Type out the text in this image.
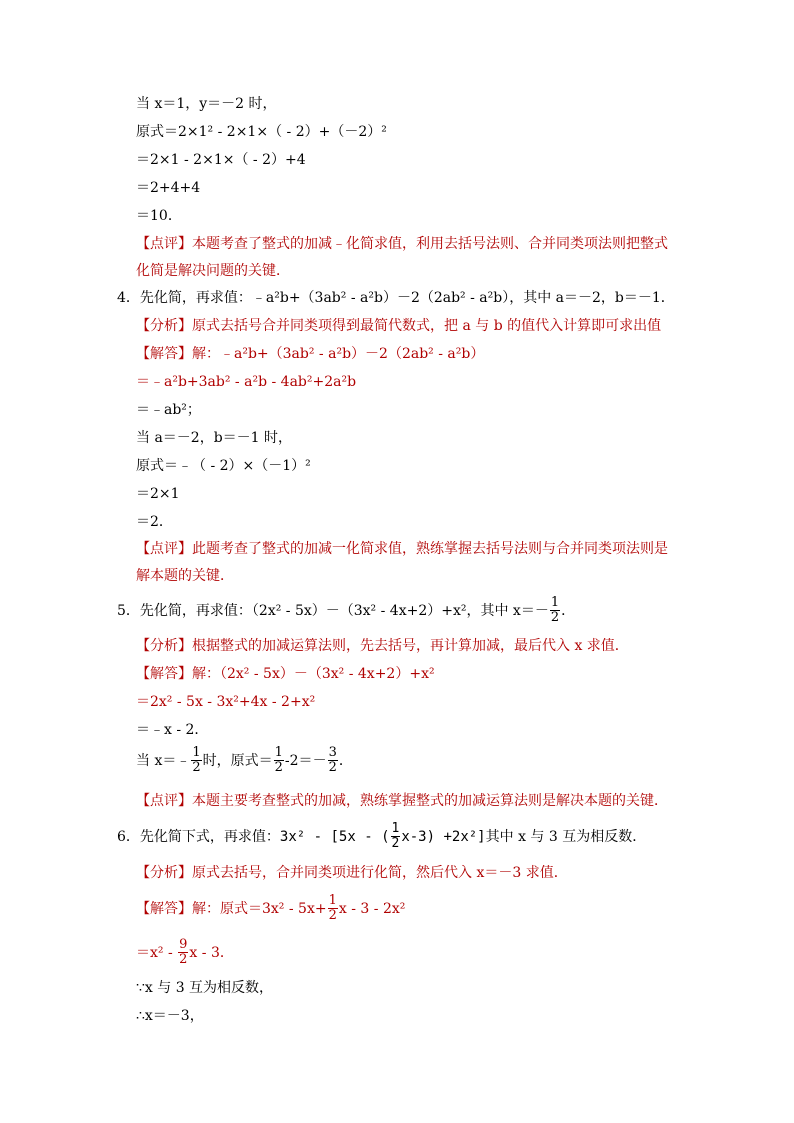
当 x＝1，y＝－2 时，
原式＝2×1² - 2×1×（ - 2）+（－2）²
＝2×1 - 2×1×（ - 2）+4
＝2+4+4
＝10．
【点评】本题考查了整式的加减﹣化简求值，利用去括号法则、合并同类项法则把整式
化简是解决问题的关键．
4．先化简，再求值：﹣a²b+（3ab² - a²b）－2（2ab² - a²b），其中 a＝－2，b＝－1．
【分析】原式去括号合并同类项得到最简代数式，把 a 与 b 的值代入计算即可求出值
【解答】解：﹣a²b+（3ab² - a²b）－2（2ab² - a²b）
＝﹣a²b+3ab² - a²b - 4ab²+2a²b
＝﹣ab²；
当 a＝－2，b＝－1 时，
原式＝﹣（ - 2）×（－1）²
＝2×1
＝2．
【点评】此题考查了整式的加减一化简求值，熟练掌握去括号法则与合并同类项法则是
解本题的关键．
5．先化简，再求值：（2x² - 5x）－（3x² - 4x+2）+x²，其中 $x=- \frac{1}{2}$ ．
【分析】根据整式的加减运算法则，先去括号，再计算加减，最后代入 x 求值．
【解答】解：（2x² - 5x）－（3x² - 4x+2）+x²
＝2x² - 5x - 3x²+4x - 2+x²
＝﹣x - 2．
当 x＝﹣ $\frac{1}{2}$ 时，原式＝ $\frac{1}{2} -2=- \frac{3}{2}$ ．
【点评】本题主要考查整式的加减，熟练掌握整式的加减运算法则是解决本题的关键．
6．先化简下式，再求值：3x² - [5x - ( $\frac{1}{2} x-3) +2x^2$]其中 x 与 3 互为相反数．
【分析】原式去括号，合并同类项进行化简，然后代入 x＝－3 求值．
【解答】解：原式$=3x^2 - 5x+ \frac{1}{2}$ x - 3 - 2x²
$=x^2 - \frac{9}{2}$ x - 3．
∵x 与 3 互为相反数，
∴x＝－3，
